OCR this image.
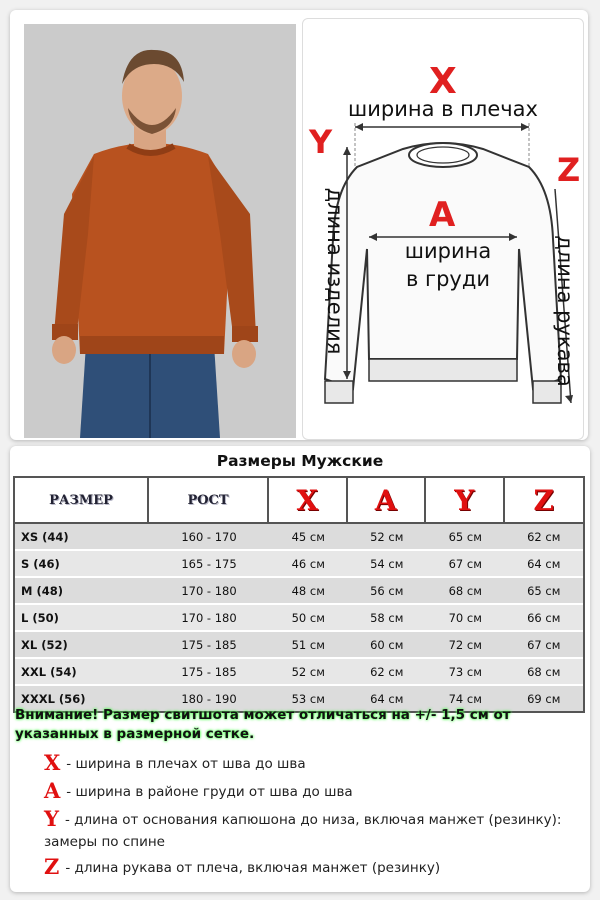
X
ширина в плечах
Y
длина изделия
Z
длина рукава
A
ширина
в груди
Размеры Мужские
РАЗМЕР	РОСТ	X	A	Y	Z
XS (44)	160 - 170	45 см	52 см	65 см	62 см
S (46)	165 - 175	46 см	54 см	67 см	64 см
M (48)	170 - 180	48 см	56 см	68 см	65 см
L (50)	170 - 180	50 см	58 см	70 см	66 см
XL (52)	175 - 185	51 см	60 см	72 см	67 см
XXL (54)	175 - 185	52 см	62 см	73 см	68 см
XXXL (56)	180 - 190	53 см	64 см	74 см	69 см
Внимание! Размер свитшота может отличаться на +/- 1,5 см от указанных в размерной сетке.
X - ширина в плечах от шва до шва
A - ширина в районе груди от шва до шва
Y - длина от основания капюшона до низа, включая манжет (резинку): замеры по спине
Z - длина рукава от плеча, включая манжет (резинку)
